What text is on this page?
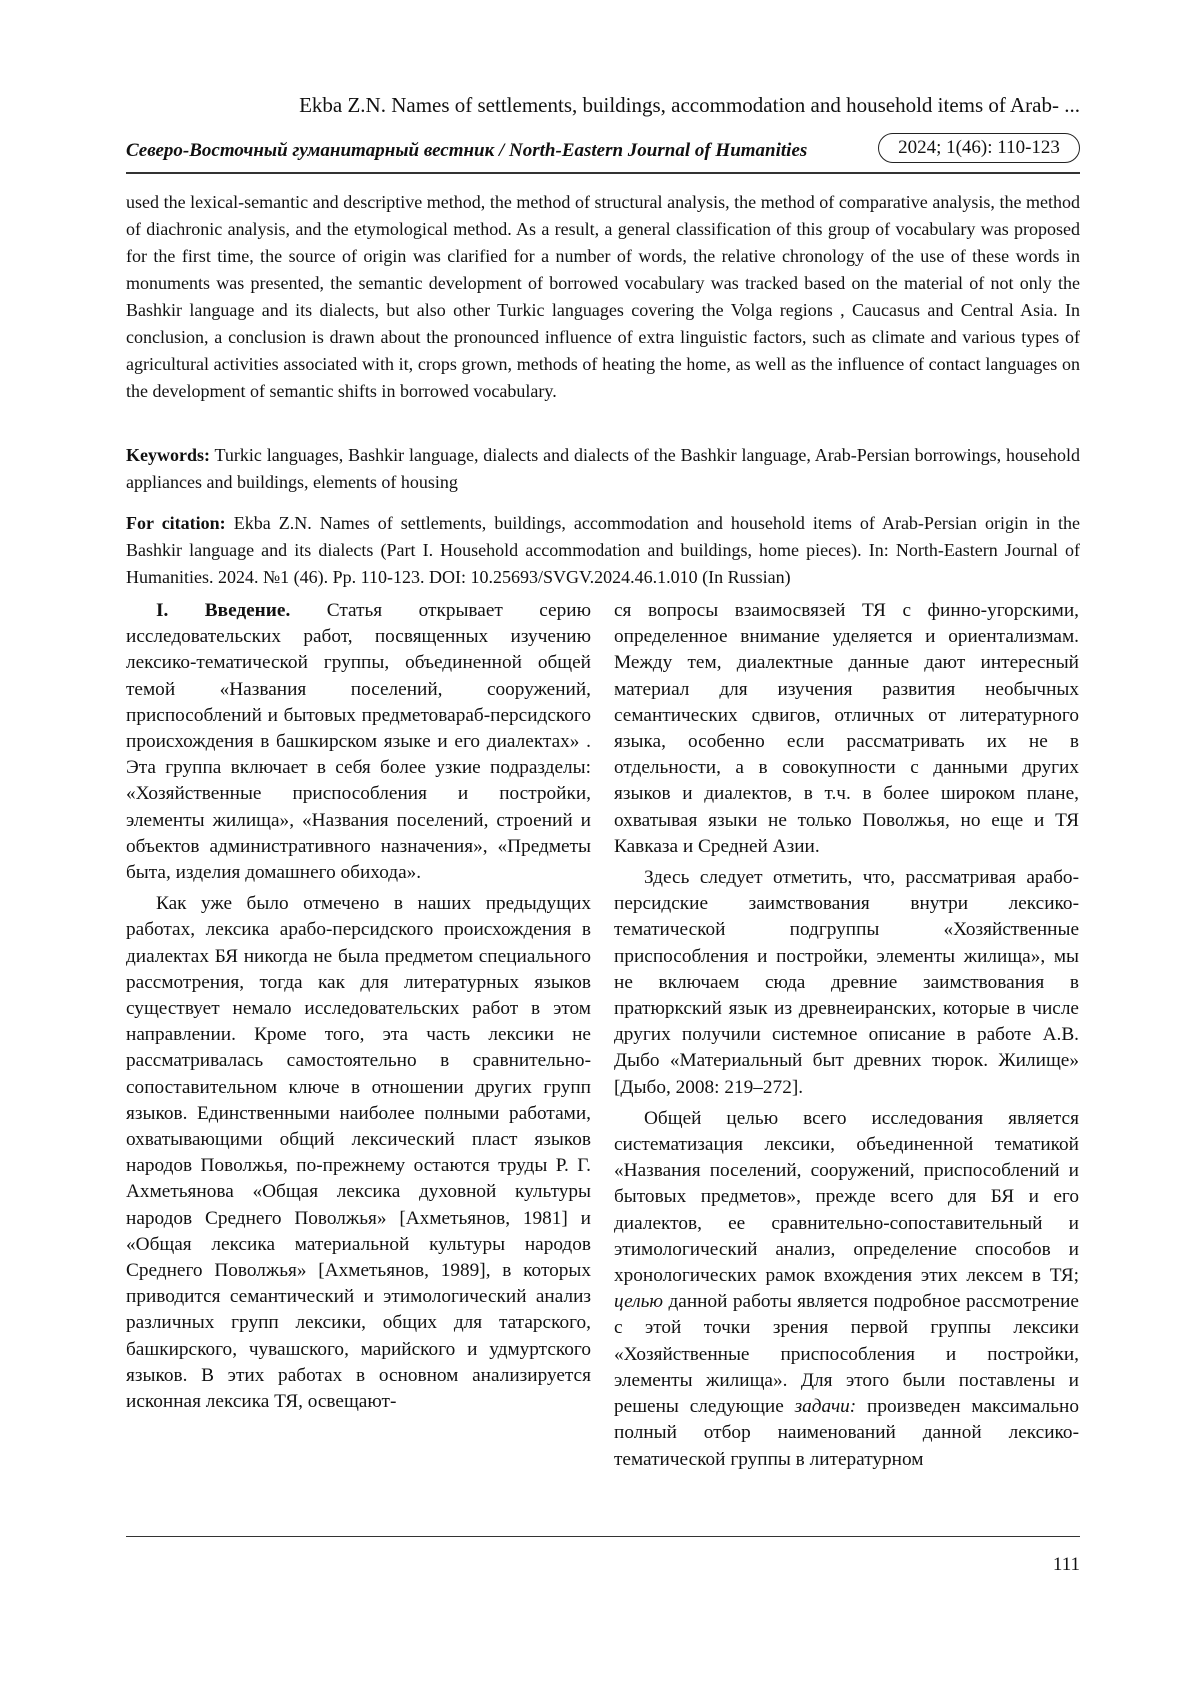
Ekba Z.N. Names of settlements, buildings, accommodation and household items of Arab- ...
Северо-Восточный гуманитарный вестник / North-Eastern Journal of Humanities	2024; 1(46): 110-123

used the lexical-semantic and descriptive method, the method of structural analysis, the method of comparative analysis, the method of diachronic analysis, and the etymological method. As a result, a general classification of this group of vocabulary was proposed for the first time, the source of origin was clarified for a number of words, the relative chronology of the use of these words in monuments was presented, the semantic development of borrowed vocabulary was tracked based on the material of not only the Bashkir language and its dialects, but also other Turkic languages covering the Volga regions , Caucasus and Central Asia. In conclusion, a conclusion is drawn about the pronounced influence of extra linguistic factors, such as climate and various types of agricultural activities associated with it, crops grown, methods of heating the home, as well as the influence of contact languages on the development of semantic shifts in borrowed vocabulary.

Keywords: Turkic languages, Bashkir language, dialects and dialects of the Bashkir language, Arab-Persian borrowings, household appliances and buildings, elements of housing

For citation: Ekba Z.N. Names of settlements, buildings, accommodation and household items of Arab-Persian origin in the Bashkir language and its dialects (Part I. Household accommodation and buildings, home pieces). In: North-Eastern Journal of Humanities. 2024. №1 (46). Pp. 110-123. DOI: 10.25693/SVGV.2024.46.1.010 (In Russian)

I. Введение. Статья открывает серию исследовательских работ, посвященных изучению лексико-тематической группы, объединенной общей темой «Названия поселений, сооружений, приспособлений и бытовых предметовараб-персидского происхождения в башкирском языке и его диалектах» . Эта группа включает в себя более узкие подразделы: «Хозяйственные приспособления и постройки, элементы жилища», «Названия поселений, строений и объектов административного назначения», «Предметы быта, изделия домашнего обихода».

Как уже было отмечено в наших предыдущих работах, лексика арабо-персидского происхождения в диалектах БЯ никогда не была предметом специального рассмотрения, тогда как для литературных языков существует немало исследовательских работ в этом направлении. Кроме того, эта часть лексики не рассматривалась самостоятельно в сравнительно-сопоставительном ключе в отношении других групп языков. Единственными наиболее полными работами, охватывающими общий лексический пласт языков народов Поволжья, по-прежнему остаются труды Р. Г. Ахметьянова «Общая лексика духовной культуры народов Среднего Поволжья» [Ахметьянов, 1981] и «Общая лексика материальной культуры народов Среднего Поволжья» [Ахметьянов, 1989], в которых приводится семантический и этимологический анализ различных групп лексики, общих для татарского, башкирского, чувашского, марийского и удмуртского языков. В этих работах в основном анализируется исконная лексика ТЯ, освещают-

ся вопросы взаимосвязей ТЯ с финно-угорскими, определенное внимание уделяется и ориентализмам. Между тем, диалектные данные дают интересный материал для изучения развития необычных семантических сдвигов, отличных от литературного языка, особенно если рассматривать их не в отдельности, а в совокупности с данными других языков и диалектов, в т.ч. в более широком плане, охватывая языки не только Поволжья, но еще и ТЯ Кавказа и Средней Азии.

Здесь следует отметить, что, рассматривая арабо-персидские заимствования внутри лексико-тематической подгруппы «Хозяйственные приспособления и постройки, элементы жилища», мы не включаем сюда древние заимствования в пратюркский язык из древнеиранских, которые в числе других получили системное описание в работе А.В. Дыбо «Материальный быт древних тюрок. Жилище» [Дыбо, 2008: 219–272].

Общей целью всего исследования является систематизация лексики, объединенной тематикой «Названия поселений, сооружений, приспособлений и бытовых предметов», прежде всего для БЯ и его диалектов, ее сравнительно-сопоставительный и этимологический анализ, определение способов и хронологических рамок вхождения этих лексем в ТЯ; целью данной работы является подробное рассмотрение с этой точки зрения первой группы лексики «Хозяйственные приспособления и постройки, элементы жилища». Для этого были поставлены и решены следующие задачи: произведен максимально полный отбор наименований данной лексико-тематической группы в литературном

111
